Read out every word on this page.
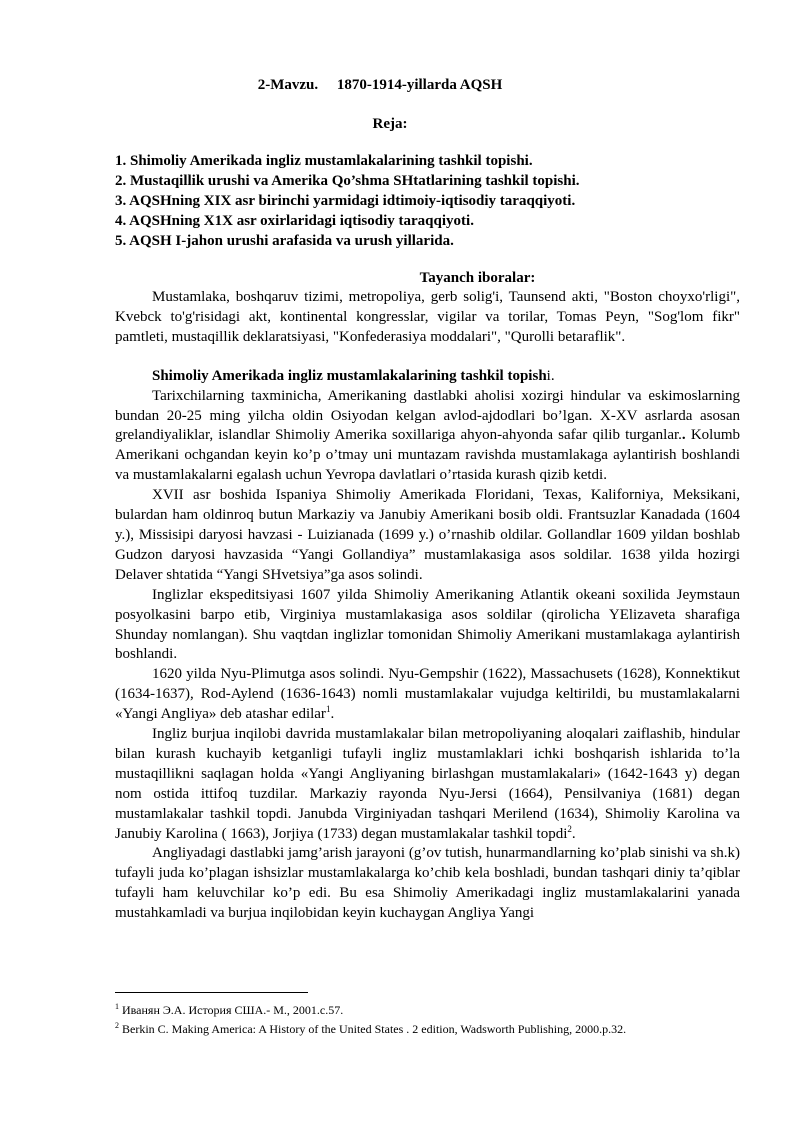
2-Mavzu. 1870-1914-yillarda AQSH
Reja:
1. Shimoliy Amerikada ingliz mustamlakalarining tashkil topishi.
2. Mustaqillik urushi va Amerika Qo’shma SHtatlarining tashkil topishi.
3. AQSHning XIX asr birinchi yarmidagi idtimoiy-iqtisodiy taraqqiyoti.
4. AQSHning X1X asr oxirlaridagi iqtisodiy taraqqiyoti.
5. AQSH I-jahon urushi arafasida va urush yillarida.
Tayanch iboralar:

Mustamlaka, boshqaruv tizimi, metropoliya, gerb solig'i, Taunsend akti, "Boston choyxo'rligi", Kvebck to'g'risidagi akt, kontinental kongresslar, vigilar va torilar, Tomas Peyn, "Sog'lom fikr" pamtleti, mustaqillik deklaratsiyasi, "Konfederasiya moddalari", "Qurolli betaraflik".

Shimoliy Amerikada ingliz mustamlakalarining tashkil topishi.

Tarixchilarning taxminicha, Amerikaning dastlabki aholisi xozirgi hindular va eskimoslarning bundan 20-25 ming yilcha oldin Osiyodan kelgan avlod-ajdodlari bo’lgan. X-XV asrlarda asosan grelandiyaliklar, islandlar Shimoliy Amerika soxillariga ahyon-ahyonda safar qilib turganlar.. Kolumb Amerikani ochgandan keyin ko’p o’tmay uni muntazam ravishda mustamlakaga aylantirish boshlandi va mustamlakalarni egalash uchun Yevropa davlatlari o’rtasida kurash qizib ketdi.

XVII asr boshida Ispaniya Shimoliy Amerikada Floridani, Texas, Kaliforniya, Meksikani, bulardan ham oldinroq butun Markaziy va Janubiy Amerikani bosib oldi. Frantsuzlar Kanadada (1604 y.), Missisipi daryosi havzasi - Luizianada (1699 y.) o’rnashib oldilar. Gollandlar 1609 yildan boshlab Gudzon daryosi havzasida “Yangi Gollandiya” mustamlakasiga asos soldilar. 1638 yilda hozirgi Delaver shtatida “Yangi SHvetsiya”ga asos solindi.

Inglizlar ekspeditsiyasi 1607 yilda Shimoliy Amerikaning Atlantik okeani soxilida Jeymstaun posyolkasini barpo etib, Virginiya mustamlakasiga asos soldilar (qirolicha YElizaveta sharafiga Shunday nomlangan). Shu vaqtdan inglizlar tomonidan Shimoliy Amerikani mustamlakaga aylantirish boshlandi.

1620 yilda Nyu-Plimutga asos solindi. Nyu-Gempshir (1622), Massachusets (1628), Konnektikut (1634-1637), Rod-Aylend (1636-1643) nomli mustamlakalar vujudga keltirildi, bu mustamlakalarni «Yangi Angliya» deb atashar edilar$^1$.

Ingliz burjua inqilobi davrida mustamlakalar bilan metropoliyaning aloqalari zaiflashib, hindular bilan kurash kuchayib ketganligi tufayli ingliz mustamlaklari ichki boshqarish ishlarida to’la mustaqillikni saqlagan holda «Yangi Angliyaning birlashgan mustamlakalari» (1642-1643 y) degan nom ostida ittifoq tuzdilar. Markaziy rayonda Nyu-Jersi (1664), Pensilvaniya (1681) degan mustamlakalar tashkil topdi. Janubda Virginiyadan tashqari Merilend (1634), Shimoliy Karolina va Janubiy Karolina ( 1663), Jorjiya (1733) degan mustamlakalar tashkil topdi$^2$.

Angliyadagi dastlabki jamg’arish jarayoni (g’ov tutish, hunarmandlarning ko’plab sinishi va sh.k) tufayli juda ko’plagan ishsizlar mustamlakalarga ko’chib kela boshladi, bundan tashqari diniy ta’qiblar tufayli ham keluvchilar ko’p edi. Bu esa Shimoliy Amerikadagi ingliz mustamlakalarini yanada mustahkamladi va burjua inqilobidan keyin kuchaygan Angliya Yangi

$^1$ Иванян Э.А. История США.- М., 2001.с.57.
$^2$ Berkin C. Making America: A History of the United States . 2 edition, Wadsworth Publishing, 2000.p.32.
